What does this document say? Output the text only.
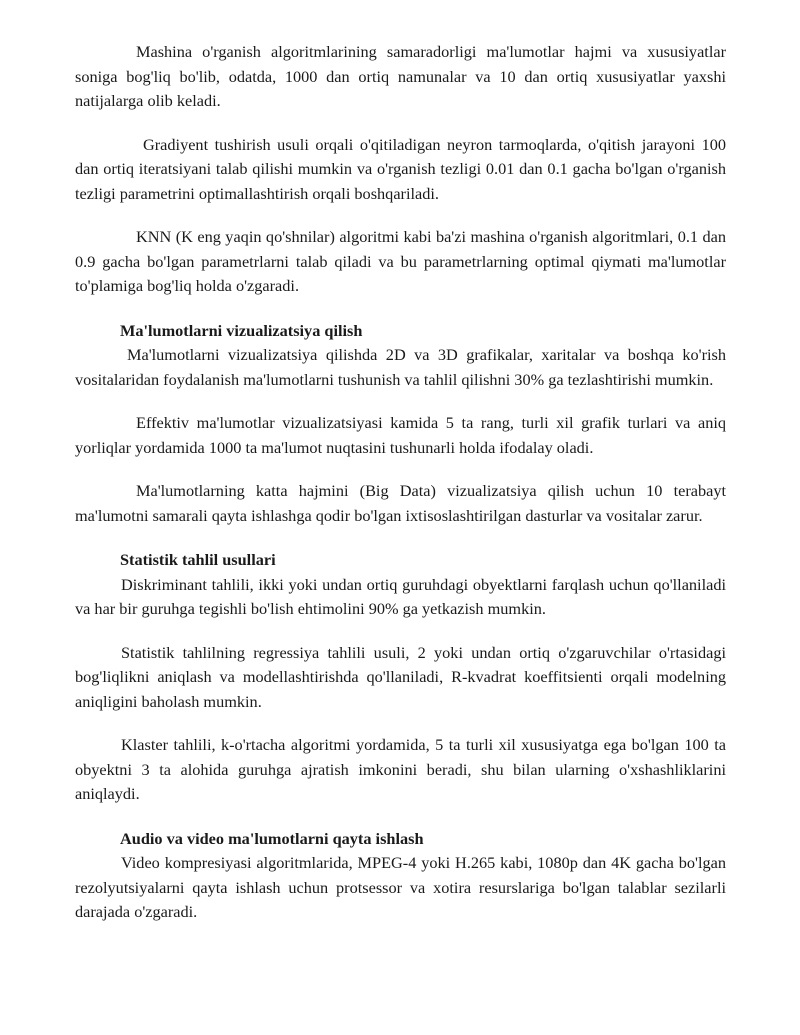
Mashina o'rganish algoritmlarining samaradorligi ma'lumotlar hajmi va xususiyatlar soniga bog'liq bo'lib, odatda, 1000 dan ortiq namunalar va 10 dan ortiq xususiyatlar yaxshi natijalarga olib keladi.

Gradiyent tushirish usuli orqali o'qitiladigan neyron tarmoqlarda, o'qitish jarayoni 100 dan ortiq iteratsiyani talab qilishi mumkin va o'rganish tezligi 0.01 dan 0.1 gacha bo'lgan o'rganish tezligi parametrini optimallashtirish orqali boshqariladi.

KNN (K eng yaqin qo'shnilar) algoritmi kabi ba'zi mashina o'rganish algoritmlari, 0.1 dan 0.9 gacha bo'lgan parametrlarni talab qiladi va bu parametrlarning optimal qiymati ma'lumotlar to'plamiga bog'liq holda o'zgaradi.

Ma'lumotlarni vizualizatsiya qilish

Ma'lumotlarni vizualizatsiya qilishda 2D va 3D grafikalar, xaritalar va boshqa ko'rish vositalaridan foydalanish ma'lumotlarni tushunish va tahlil qilishni 30% ga tezlashtirishi mumkin.

Effektiv ma'lumotlar vizualizatsiyasi kamida 5 ta rang, turli xil grafik turlari va aniq yorliqlar yordamida 1000 ta ma'lumot nuqtasini tushunarli holda ifodalay oladi.

Ma'lumotlarning katta hajmini (Big Data) vizualizatsiya qilish uchun 10 terabayt ma'lumotni samarali qayta ishlashga qodir bo'lgan ixtisoslashtirilgan dasturlar va vositalar zarur.

Statistik tahlil usullari

Diskriminant tahlili, ikki yoki undan ortiq guruhdagi obyektlarni farqlash uchun qo'llaniladi va har bir guruhga tegishli bo'lish ehtimolini 90% ga yetkazish mumkin.

Statistik tahlilning regressiya tahlili usuli, 2 yoki undan ortiq o'zgaruvchilar o'rtasidagi bog'liqlikni aniqlash va modellashtirishda qo'llaniladi, R-kvadrat koeffitsienti orqali modelning aniqligini baholash mumkin.

Klaster tahlili, k-o'rtacha algoritmi yordamida, 5 ta turli xil xususiyatga ega bo'lgan 100 ta obyektni 3 ta alohida guruhga ajratish imkonini beradi, shu bilan ularning o'xshashliklarini aniqlaydi.

Audio va video ma'lumotlarni qayta ishlash

Video kompresiyasi algoritmlarida, MPEG-4 yoki H.265 kabi, 1080p dan 4K gacha bo'lgan rezolyutsiyalarni qayta ishlash uchun protsessor va xotira resurslariga bo'lgan talablar sezilarli darajada o'zgaradi.
